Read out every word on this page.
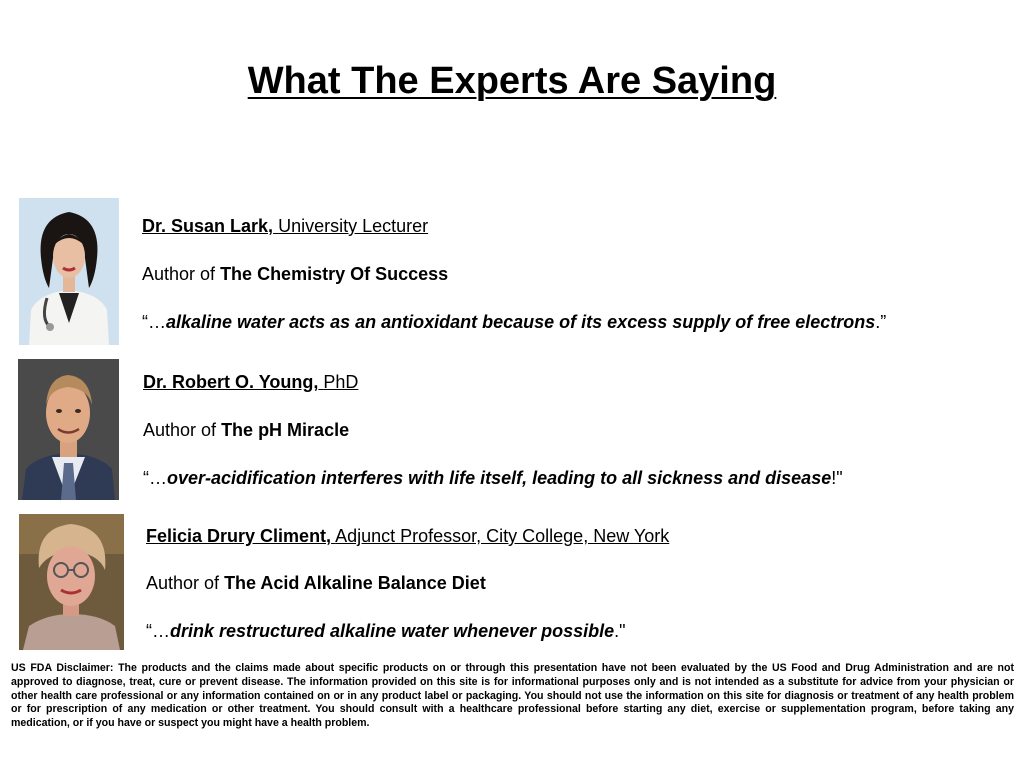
What The Experts Are Saying
Dr. Susan Lark, University Lecturer
Author of The Chemistry Of Success
“…alkaline water acts as an antioxidant because of its excess supply of free electrons.”
Dr. Robert O. Young, PhD
Author of The pH Miracle
“…over-acidification interferes with life itself, leading to all sickness and disease!"
Felicia Drury Climent, Adjunct Professor, City College, New York
Author of The Acid Alkaline Balance Diet
“…drink restructured alkaline water whenever possible."

US FDA Disclaimer: The products and the claims made about specific products on or through this presentation have not been evaluated by the US Food and Drug Administration and are not approved to diagnose, treat, cure or prevent disease. The information provided on this site is for informational purposes only and is not intended as a substitute for advice from your physician or other health care professional or any information contained on or in any product label or packaging. You should not use the information on this site for diagnosis or treatment of any health problem or for prescription of any medication or other treatment. You should consult with a healthcare professional before starting any diet, exercise or supplementation program, before taking any medication, or if you have or suspect you might have a health problem.
